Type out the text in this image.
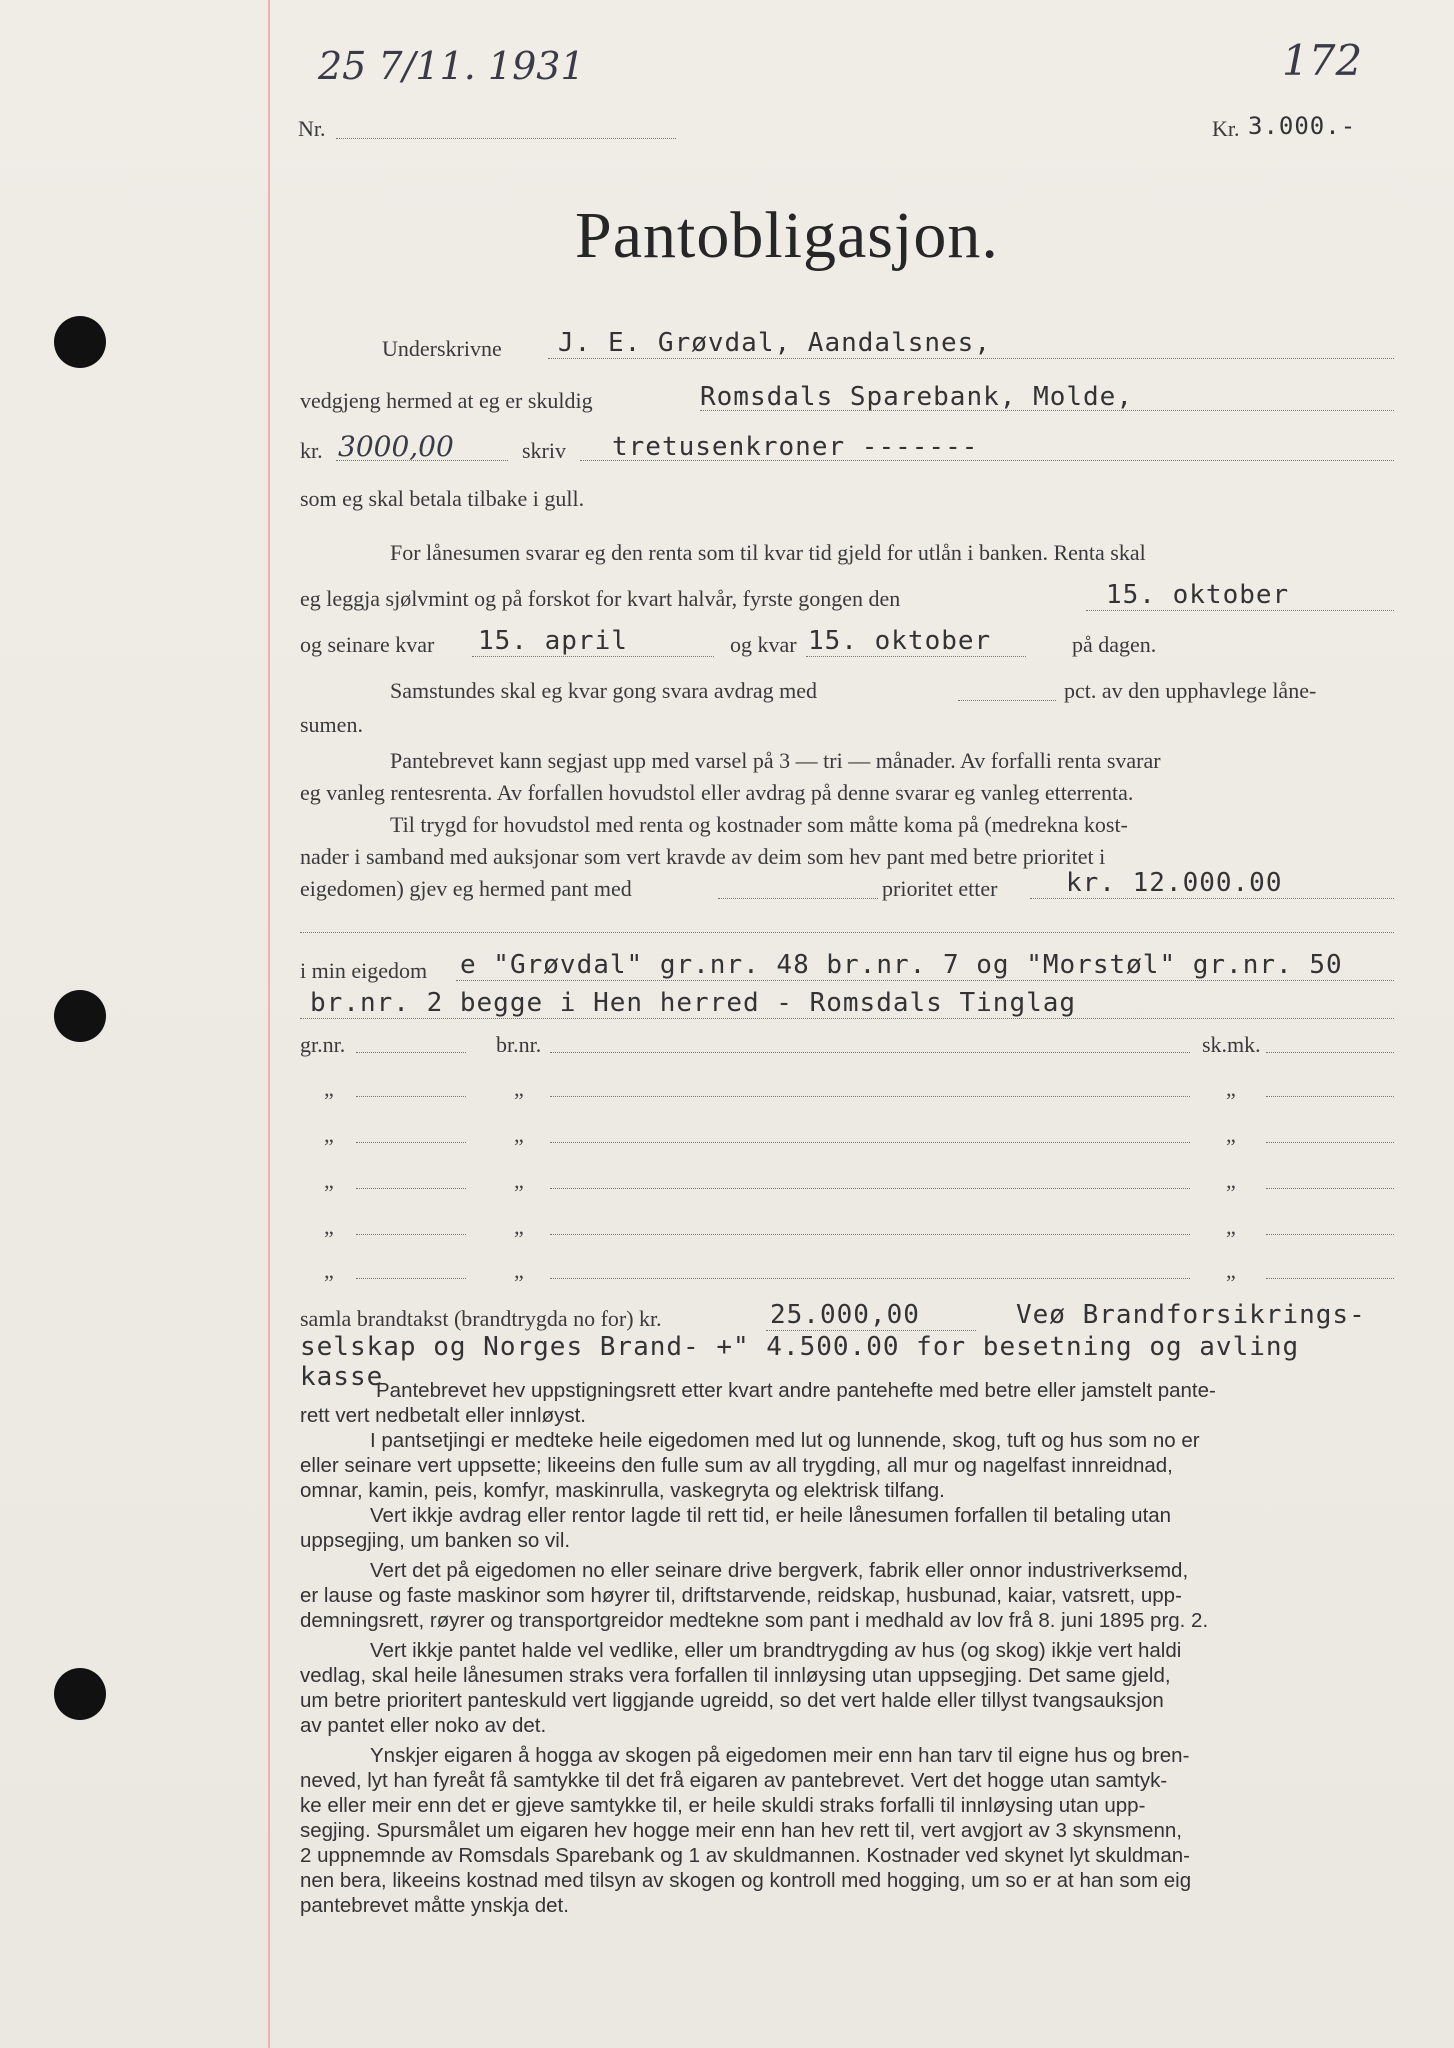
25 7/11. 1931	172
Nr.	Kr. 3.000.-
Pantobligasjon.
Underskrivne J. E. Grøvdal, Aandalsnes,
vedgjeng hermed at eg er skuldig	Romsdals Sparebank, Molde,
kr. 3000,00	skriv tretusenkroner -------
som eg skal betala tilbake i gull.
For lånesumen svarar eg den renta som til kvar tid gjeld for utlån i banken. Renta skal
eg leggja sjølvmint og på forskot for kvart halvår, fyrste gongen den	15. oktober
og seinare kvar 15. april	og kvar 15. oktober	på dagen.
Samstundes skal eg kvar gong svara avdrag med	pct. av den upphavlege låne-
sumen.
Pantebrevet kann segjast upp med varsel på 3 — tri — månader. Av forfalli renta svarar
eg vanleg rentesrenta. Av forfallen hovudstol eller avdrag på denne svarar eg vanleg etterrenta.
Til trygd for hovudstol med renta og kostnader som måtte koma på (medrekna kost-
nader i samband med auksjonar som vert kravde av deim som hev pant med betre prioritet i
eigedomen) gjev eg hermed pant med	prioritet etter	kr. 12.000.00
i min eigedom e "Grøvdal" gr.nr. 48 br.nr. 7 og "Morstøl" gr.nr. 50
br.nr. 2 begge i Hen herred - Romsdals Tinglag
gr.nr.	br.nr.	sk.mk.
„	„	„
„	„	„
„	„	„
„	„	„
„	„	„
samla brandtakst (brandtrygda no for) kr.	25.000,00	Veø Brandforsikrings-
selskap og Norges Brand- +" 4.500.00 for besetning og avling
kasse
Pantebrevet hev uppstigningsrett etter kvart andre pantehefte med betre eller jamstelt pante-
rett vert nedbetalt eller innløyst.
I pantsetjingi er medteke heile eigedomen med lut og lunnende, skog, tuft og hus som no er
eller seinare vert uppsette; likeeins den fulle sum av all trygding, all mur og nagelfast innreidnad,
omnar, kamin, peis, komfyr, maskinrulla, vaskegryta og elektrisk tilfang.
Vert ikkje avdrag eller rentor lagde til rett tid, er heile lånesumen forfallen til betaling utan
uppsegjing, um banken so vil.
Vert det på eigedomen no eller seinare drive bergverk, fabrik eller onnor industriverksemd,
er lause og faste maskinor som høyrer til, driftstarvende, reidskap, husbunad, kaiar, vatsrett, upp-
demningsrett, røyrer og transportgreidor medtekne som pant i medhald av lov frå 8. juni 1895 prg. 2.
Vert ikkje pantet halde vel vedlike, eller um brandtrygding av hus (og skog) ikkje vert haldi
vedlag, skal heile lånesumen straks vera forfallen til innløysing utan uppsegjing. Det same gjeld,
um betre prioritert panteskuld vert liggjande ugreidd, so det vert halde eller tillyst tvangsauksjon
av pantet eller noko av det.
Ynskjer eigaren å hogga av skogen på eigedomen meir enn han tarv til eigne hus og bren-
neved, lyt han fyreåt få samtykke til det frå eigaren av pantebrevet. Vert det hogge utan samtyk-
ke eller meir enn det er gjeve samtykke til, er heile skuldi straks forfalli til innløysing utan upp-
segjing. Spursmålet um eigaren hev hogge meir enn han hev rett til, vert avgjort av 3 skynsmenn,
2 uppnemnde av Romsdals Sparebank og 1 av skuldmannen. Kostnader ved skynet lyt skuldman-
nen bera, likeeins kostnad med tilsyn av skogen og kontroll med hogging, um so er at han som eig
pantebrevet måtte ynskja det.
